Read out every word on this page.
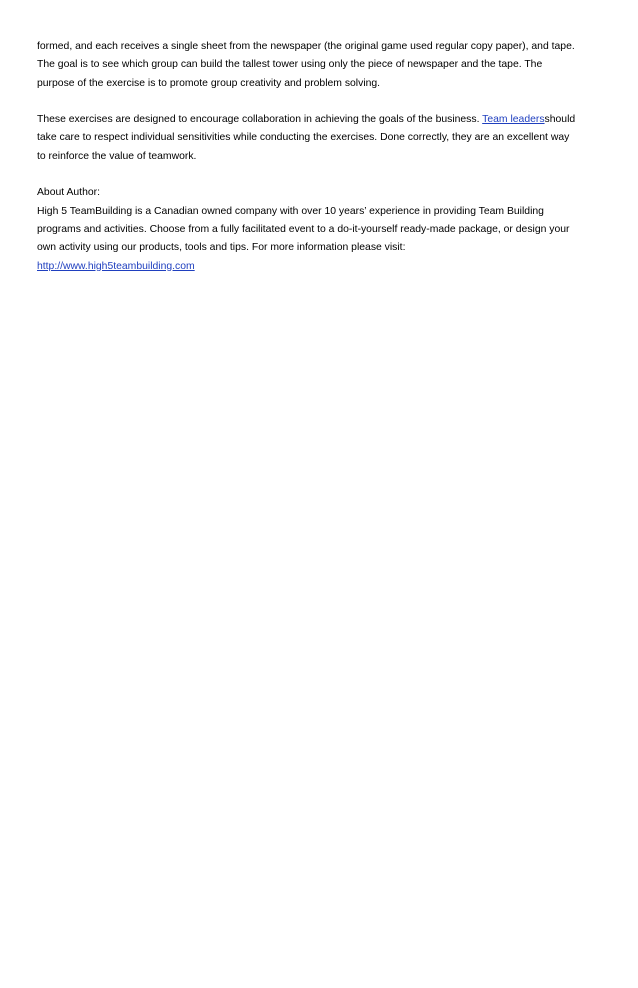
formed, and each receives a single sheet from the newspaper (the original game used regular copy paper), and tape.
The goal is to see which group can build the tallest tower using only the piece of newspaper and the tape. The
purpose of the exercise is to promote group creativity and problem solving.

These exercises are designed to encourage collaboration in achieving the goals of the business. Team leadersshould
take care to respect individual sensitivities while conducting the exercises. Done correctly, they are an excellent way
to reinforce the value of teamwork.

About Author:
High 5 TeamBuilding is a Canadian owned company with over 10 years’ experience in providing Team Building
programs and activities. Choose from a fully facilitated event to a do-it-yourself ready-made package, or design your
own activity using our products, tools and tips. For more information please visit:
http://www.high5teambuilding.com
